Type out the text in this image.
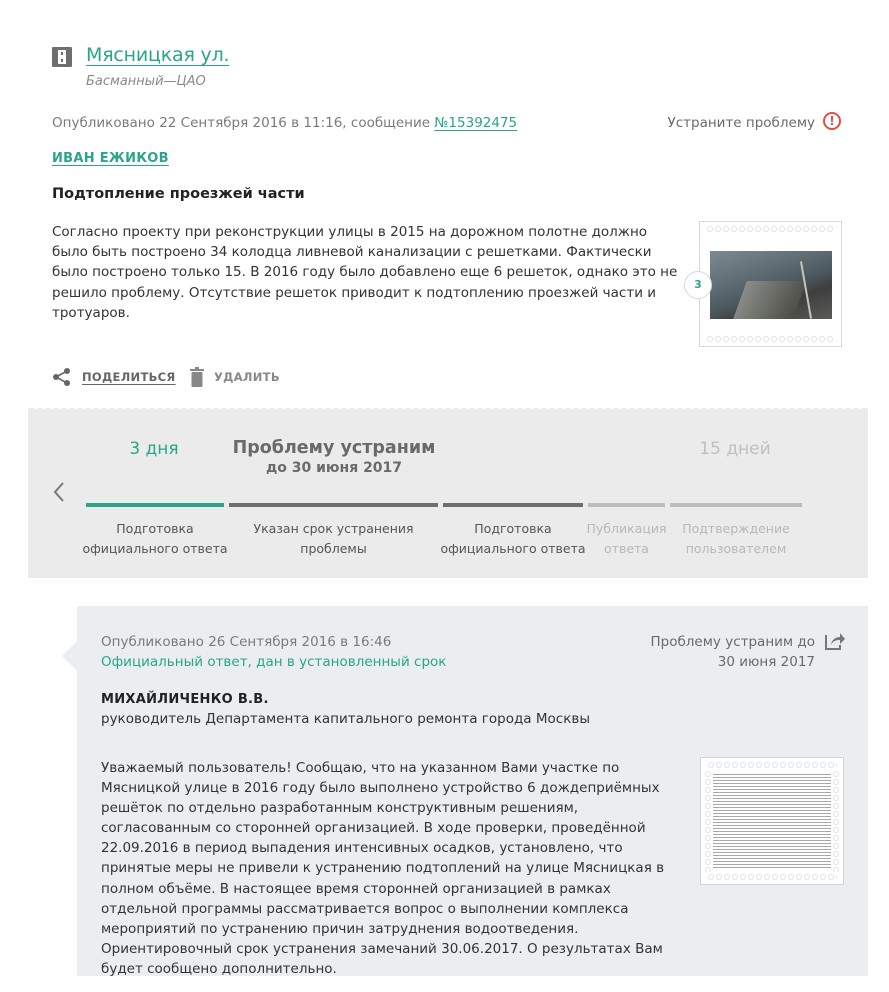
Мясницкая ул.
Басманный—ЦАО
Опубликовано 22 Сентября 2016 в 11:16, сообщение №15392475	Устраните проблему	!
ИВАН ЕЖИКОВ
Подтопление проезжей части
Согласно проекту при реконструкции улицы в 2015 на дорожном полотне должно было быть построено 34 колодца ливневой канализации с решетками. Фактически было построено только 15. В 2016 году было добавлено еще 6 решеток, однако это не решило проблему. Отсутствие решеток приводит к подтоплению проезжей части и тротуаров.
3
ПОДЕЛИТЬСЯ	УДАЛИТЬ
3 дня	Проблему устраним
до 30 июня 2017
15 дней
Подготовка
официального ответа
Указан срок устранения
проблемы
Подготовка
официального ответа
Публикация
ответа
Подтверждение
пользователем
Опубликовано 26 Сентября 2016 в 16:46
Официальный ответ, дан в установленный срок
Проблему устраним до
30 июня 2017
МИХАЙЛИЧЕНКО В.В.
руководитель Департамента капитального ремонта города Москвы
Уважаемый пользователь! Сообщаю, что на указанном Вами участке по Мясницкой улице в 2016 году было выполнено устройство 6 дождеприёмных решёток по отдельно разработанным конструктивным решениям, согласованным со сторонней организацией. В ходе проверки, проведённой 22.09.2016 в период выпадения интенсивных осадков, установлено, что принятые меры не привели к устранению подтоплений на улице Мясницкая в полном объёме. В настоящее время сторонней организацией в рамках отдельной программы рассматривается вопрос о выполнении комплекса мероприятий по устранению причин затруднения водоотведения. Ориентировочный срок устранения замечаний 30.06.2017. О результатах Вам будет сообщено дополнительно.
